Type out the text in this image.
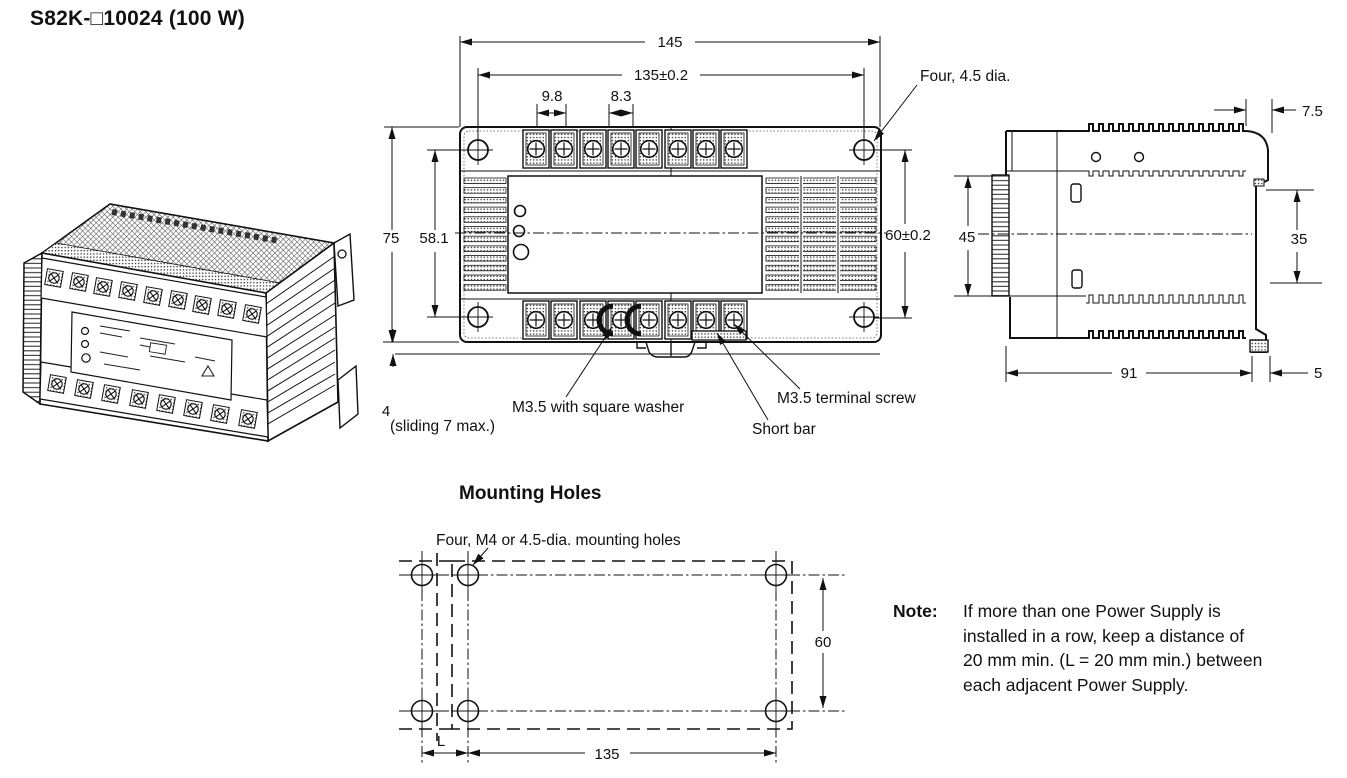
S82K-□10024 (100 W)
Mounting Holes
145
135±0.2
9.8	8.3
75 58.1	60±0.2
Four, 4.5 dia.
4
(sliding 7 max.)
M3.5 with square washer
M3.5 terminal screw
Short bar
7.5
45	35
91	5
Four, M4 or 4.5-dia. mounting holes
60
L
135
Note: If more than one Power Supply is
installed in a row, keep a distance of
20 mm min. (L = 20 mm min.) between
each adjacent Power Supply.
